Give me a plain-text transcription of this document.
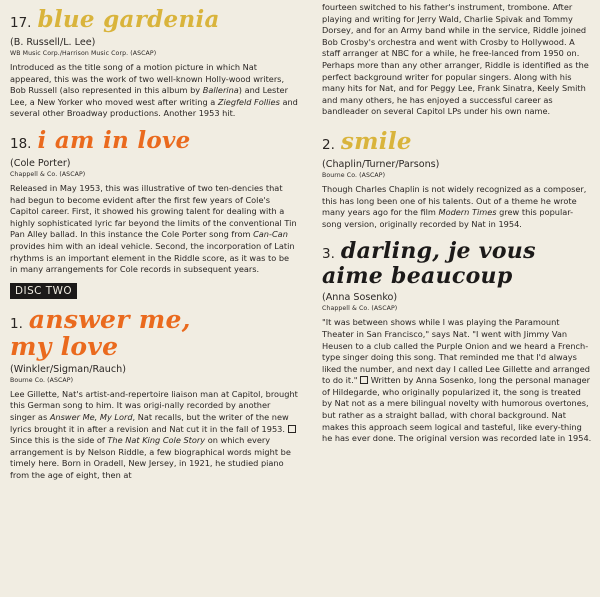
17. blue gardenia
(B. Russell/L. Lee)
WB Music Corp./Harrison Music Corp. (ASCAP)

Introduced as the title song of a motion picture in which Nat appeared, this was the work of two well-known Holly-wood writers, Bob Russell (also represented in this album by Ballerina) and Lester Lee, a New Yorker who moved west after writing a Ziegfeld Follies and several other Broadway productions. Another 1953 hit.

18. i am in love
(Cole Porter)
Chappell & Co. (ASCAP)

Released in May 1953, this was illustrative of two ten-dencies that had begun to become evident after the first few years of Cole's Capitol career. First, it showed his growing talent for dealing with a highly sophisticated lyric far beyond the limits of the conventional Tin Pan Alley ballad. In this instance the Cole Porter song from Can-Can provides him with an ideal vehicle. Second, the incorporation of Latin rhythms is an important element in the Riddle score, as it was to be in many arrangements for Cole records in subsequent years.

DISC TWO
1. answer me,
my love
(Winkler/Sigman/Rauch)
Bourne Co. (ASCAP)

Lee Gillette, Nat's artist-and-repertoire liaison man at Capitol, brought this German song to him. It was origi-nally recorded by another singer as Answer Me, My Lord, Nat recalls, but the writer of the new lyrics brought it in after a revision and Nat cut it in the fall of 1953.  Since this is the side of The Nat King Cole Story on which every arrangement is by Nelson Riddle, a few biographical words might be timely here. Born in Oradell, New Jersey, in 1921, he studied piano from the age of eight, then at

fourteen switched to his father's instrument, trombone. After playing and writing for Jerry Wald, Charlie Spivak and Tommy Dorsey, and for an Army band while in the service, Riddle joined Bob Crosby's orchestra and went with Crosby to Hollywood. A staff arranger at NBC for a while, he free-lanced from 1950 on. Perhaps more than any other arranger, Riddle is identified as the perfect background writer for popular singers. Along with his many hits for Nat, and for Peggy Lee, Frank Sinatra, Keely Smith and many others, he has enjoyed a successful career as bandleader on several Capitol LPs under his own name.

2. smile
(Chaplin/Turner/Parsons)
Bourne Co. (ASCAP)

Though Charles Chaplin is not widely recognized as a composer, this has long been one of his talents. Out of a theme he wrote many years ago for the film Modern Times grew this popular-song version, originally recorded by Nat in 1954.

3. darling, je vous
aime beaucoup
(Anna Sosenko)
Chappell & Co. (ASCAP)

"It was between shows while I was playing the Paramount Theater in San Francisco," says Nat. "I went with Jimmy Van Heusen to a club called the Purple Onion and we heard a French-type singer doing this song. That reminded me that I'd always liked the number, and next day I called Lee Gillette and arranged to do it."  Written by Anna Sosenko, long the personal manager of Hildegarde, who originally popularized it, the song is treated by Nat not as a mere bilingual novelty with humorous overtones, but rather as a straight ballad, with choral background. Nat makes this approach seem logical and tasteful, like every-thing he has ever done. The original version was recorded late in 1954.
